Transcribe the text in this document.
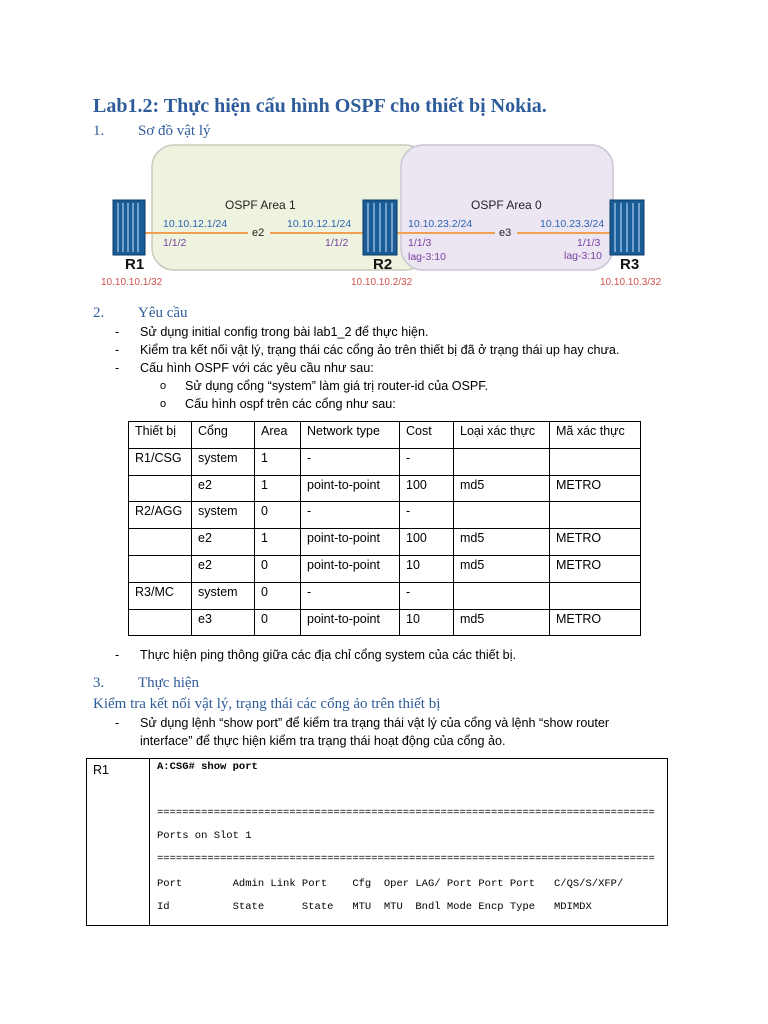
Lab1.2: Thực hiện cấu hình OSPF cho thiết bị Nokia.
1. Sơ đồ vật lý
OSPF Area 1	OSPF Area 0
e2	e3
10.10.12.1/24	10.10.12.1/24	10.10.23.2/24	10.10.23.3/24
1/1/2	1/1/2	1/1/3	1/1/3
lag-3:10	lag-3:10
R1	R2	R3
10.10.10.1/32	10.10.10.2/32	10.10.10.3/32
2. Yêu cầu
- Sử dụng initial config trong bài lab1_2 để thực hiện.
- Kiểm tra kết nối vật lý, trạng thái các cổng ảo trên thiết bị đã ở trạng thái up hay chưa.
- Cấu hình OSPF với các yêu cầu như sau:
o Sử dụng cổng “system” làm giá trị router-id của OSPF.
o Cấu hình ospf trên các cổng như sau:
Thiết bị	Cổng	Area	Network type	Cost	Loại xác thực	Mã xác thực
R1/CSG	system	1	-	-		
	e2	1	point-to-point	100	md5	METRO
R2/AGG	system	0	-	-		
	e2	1	point-to-point	100	md5	METRO
	e2	0	point-to-point	10	md5	METRO
R3/MC	system	0	-	-		
	e3	0	point-to-point	10	md5	METRO
- Thực hiện ping thông giữa các địa chỉ cổng system của các thiết bị.
3. Thực hiện
Kiểm tra kết nối vật lý, trạng thái các cổng ảo trên thiết bị
- Sử dụng lệnh “show port” để kiểm tra trạng thái vật lý của cổng và lệnh “show router
interface” để thực hiện kiểm tra trạng thái hoạt động của cổng ảo.
R1	A:CSG# show port
===============================================================================
Ports on Slot 1
===============================================================================
Port        Admin Link Port    Cfg  Oper LAG/ Port Port Port   C/QS/S/XFP/
Id          State      State   MTU  MTU  Bndl Mode Encp Type   MDIMDX
